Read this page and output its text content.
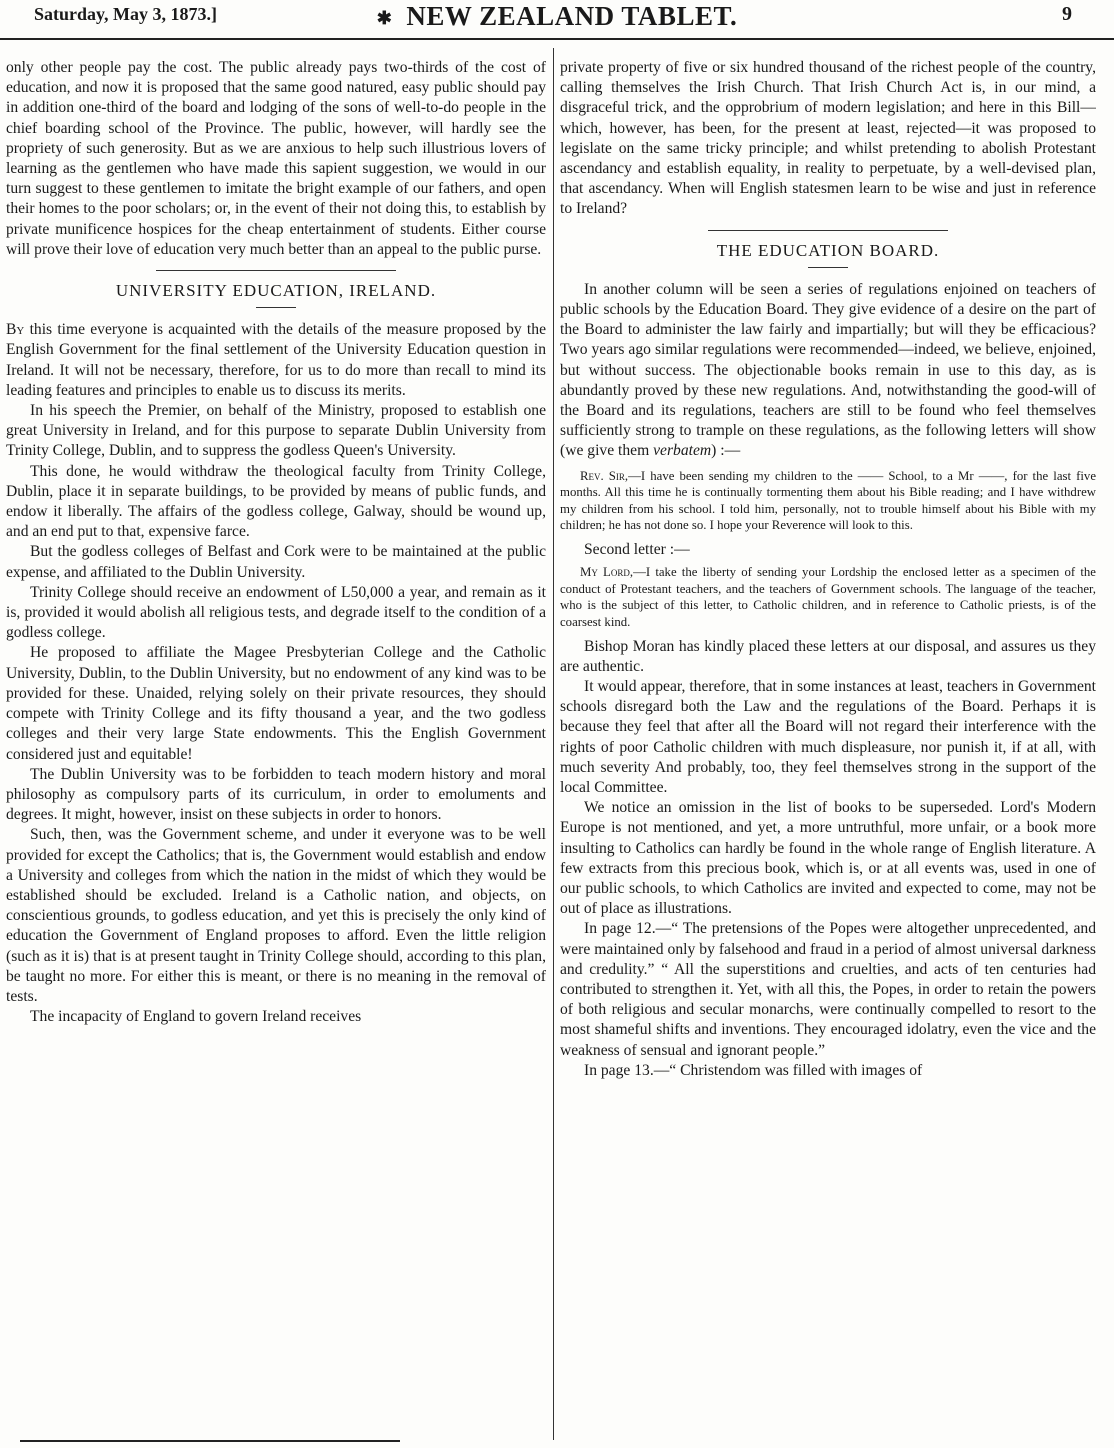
Saturday, May 3, 1873.]	✱ NEW ZEALAND TABLET.	9

only other people pay the cost. The public already pays two-thirds of the cost of education, and now it is proposed that the same good natured, easy public should pay in addition one-third of the board and lodging of the sons of well-to-do people in the chief boarding school of the Province. The public, however, will hardly see the propriety of such generosity. But as we are anxious to help such illustrious lovers of learning as the gentlemen who have made this sapient suggestion, we would in our turn suggest to these gentlemen to imitate the bright example of our fathers, and open their homes to the poor scholars; or, in the event of their not doing this, to establish by private munificence hospices for the cheap entertainment of students. Either course will prove their love of education very much better than an appeal to the public purse.

UNIVERSITY EDUCATION, IRELAND.

By this time everyone is acquainted with the details of the measure proposed by the English Government for the final settlement of the University Education question in Ireland. It will not be necessary, therefore, for us to do more than recall to mind its leading features and principles to enable us to discuss its merits.

In his speech the Premier, on behalf of the Ministry, proposed to establish one great University in Ireland, and for this purpose to separate Dublin University from Trinity College, Dublin, and to suppress the godless Queen's University.

This done, he would withdraw the theological faculty from Trinity College, Dublin, place it in separate buildings, to be provided by means of public funds, and endow it liberally. The affairs of the godless college, Galway, should be wound up, and an end put to that, expensive farce.

But the godless colleges of Belfast and Cork were to be maintained at the public expense, and affiliated to the Dublin University.

Trinity College should receive an endowment of L50,000 a year, and remain as it is, provided it would abolish all religious tests, and degrade itself to the condition of a godless college.

He proposed to affiliate the Magee Presbyterian College and the Catholic University, Dublin, to the Dublin University, but no endowment of any kind was to be provided for these. Unaided, relying solely on their private resources, they should compete with Trinity College and its fifty thousand a year, and the two godless colleges and their very large State endowments. This the English Government considered just and equitable!

The Dublin University was to be forbidden to teach modern history and moral philosophy as compulsory parts of its curriculum, in order to emoluments and degrees. It might, however, insist on these subjects in order to honors.

Such, then, was the Government scheme, and under it everyone was to be well provided for except the Catholics; that is, the Government would establish and endow a University and colleges from which the nation in the midst of which they would be established should be excluded. Ireland is a Catholic nation, and objects, on conscientious grounds, to godless education, and yet this is precisely the only kind of education the Government of England proposes to afford. Even the little religion (such as it is) that is at present taught in Trinity College should, according to this plan, be taught no more. For either this is meant, or there is no meaning in the removal of tests.

The incapacity of England to govern Ireland receives

private property of five or six hundred thousand of the richest people of the country, calling themselves the Irish Church. That Irish Church Act is, in our mind, a disgraceful trick, and the opprobrium of modern legislation; and here in this Bill—which, however, has been, for the present at least, rejected—it was proposed to legislate on the same tricky principle; and whilst pretending to abolish Protestant ascendancy and establish equality, in reality to perpetuate, by a well-devised plan, that ascendancy. When will English statesmen learn to be wise and just in reference to Ireland?

THE EDUCATION BOARD.

In another column will be seen a series of regulations enjoined on teachers of public schools by the Education Board. They give evidence of a desire on the part of the Board to administer the law fairly and impartially; but will they be efficacious? Two years ago similar regulations were recommended—indeed, we believe, enjoined, but without success. The objectionable books remain in use to this day, as is abundantly proved by these new regulations. And, notwithstanding the good-will of the Board and its regulations, teachers are still to be found who feel themselves sufficiently strong to trample on these regulations, as the following letters will show (we give them verbatem) :—

Rev. Sir,—I have been sending my children to the —— School, to a Mr ——, for the last five months. All this time he is continually tormenting them about his Bible reading; and I have withdrew my children from his school. I told him, personally, not to trouble himself about his Bible with my children; he has not done so. I hope your Reverence will look to this.

Second letter :—

My Lord,—I take the liberty of sending your Lordship the enclosed letter as a specimen of the conduct of Protestant teachers, and the teachers of Government schools. The language of the teacher, who is the subject of this letter, to Catholic children, and in reference to Catholic priests, is of the coarsest kind.

Bishop Moran has kindly placed these letters at our disposal, and assures us they are authentic.

It would appear, therefore, that in some instances at least, teachers in Government schools disregard both the Law and the regulations of the Board. Perhaps it is because they feel that after all the Board will not regard their interference with the rights of poor Catholic children with much displeasure, nor punish it, if at all, with much severity And probably, too, they feel themselves strong in the support of the local Committee.

We notice an omission in the list of books to be superseded. Lord's Modern Europe is not mentioned, and yet, a more untruthful, more unfair, or a book more insulting to Catholics can hardly be found in the whole range of English literature. A few extracts from this precious book, which is, or at all events was, used in one of our public schools, to which Catholics are invited and expected to come, may not be out of place as illustrations.

In page 12.—“ The pretensions of the Popes were altogether unprecedented, and were maintained only by falsehood and fraud in a period of almost universal darkness and credulity.” “ All the superstitions and cruelties, and acts of ten centuries had contributed to strengthen it. Yet, with all this, the Popes, in order to retain the powers of both religious and secular monarchs, were continually compelled to resort to the most shameful shifts and inventions. They encouraged idolatry, even the vice and the weakness of sensual and ignorant people.”

In page 13.—“ Christendom was filled with images of
